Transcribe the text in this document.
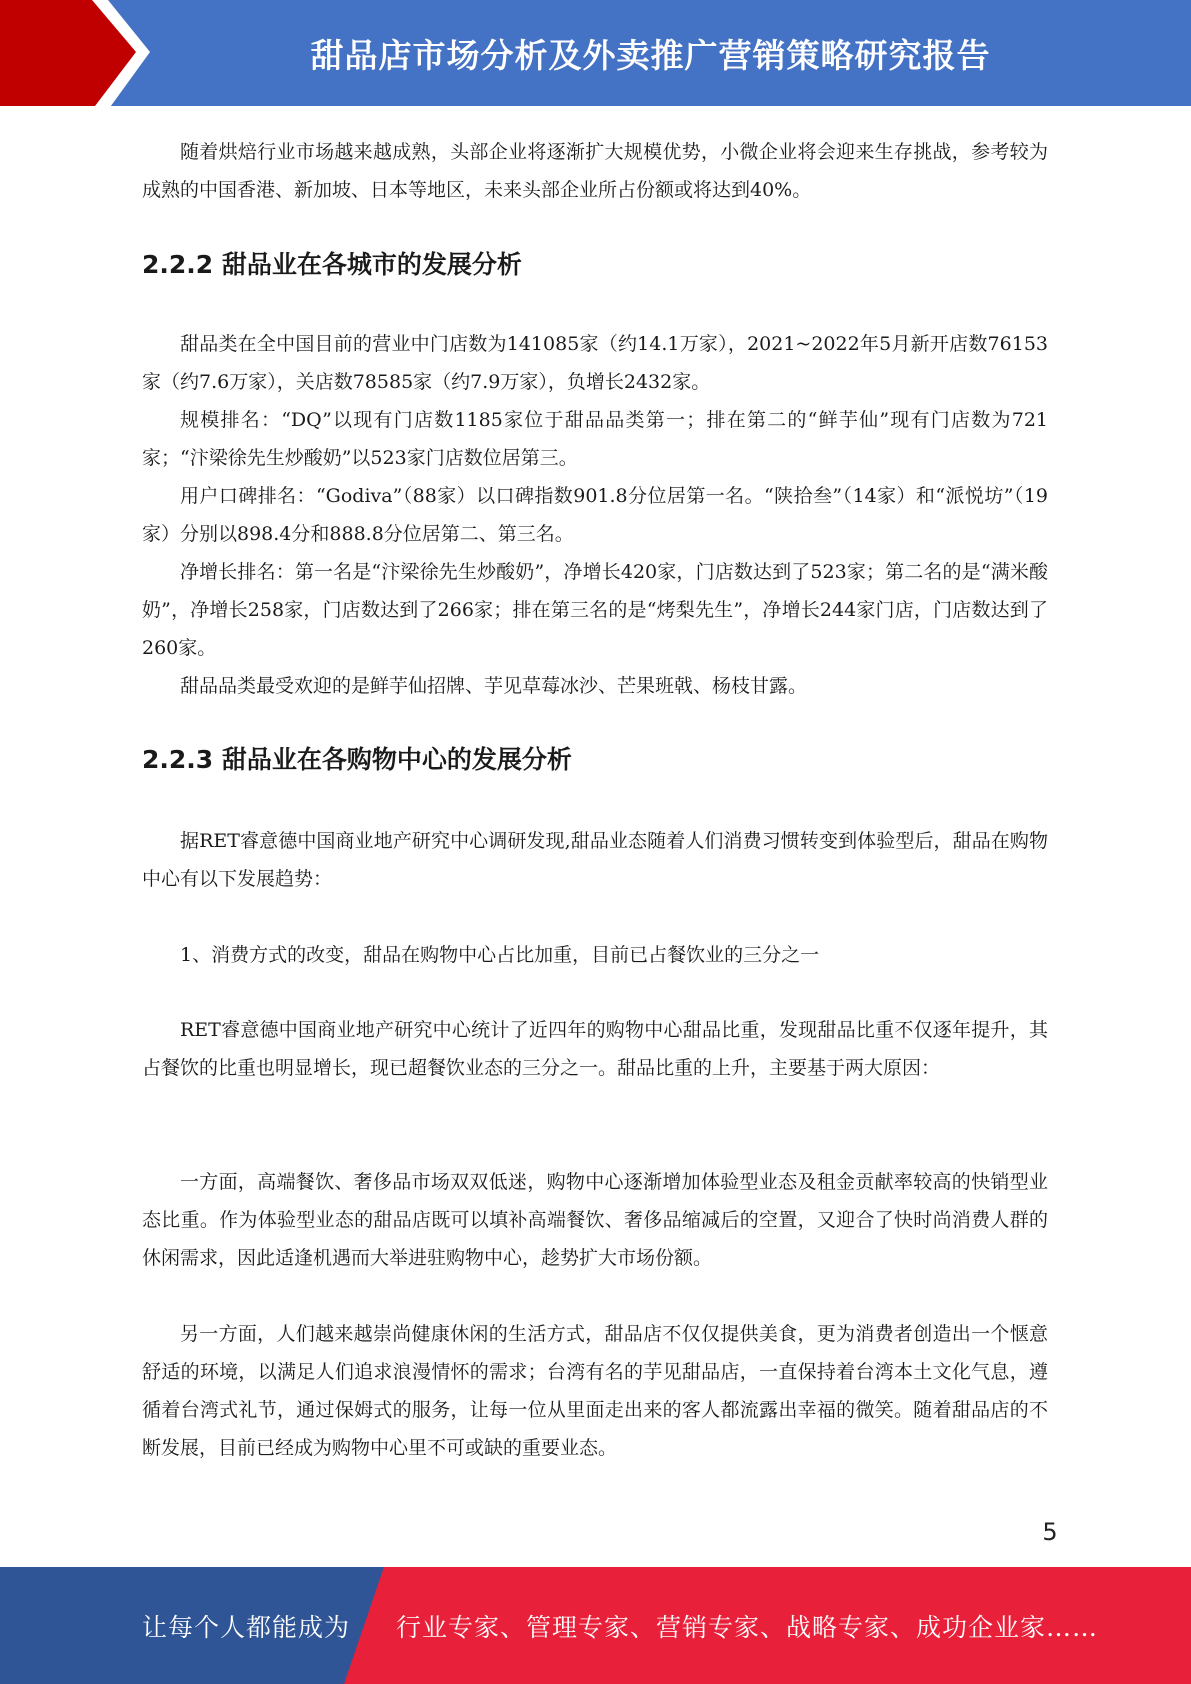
甜品店市场分析及外卖推广营销策略研究报告

随着烘焙行业市场越来越成熟，头部企业将逐渐扩大规模优势，小微企业将会迎来生存挑战，参考较为成熟的中国香港、新加坡、日本等地区，未来头部企业所占份额或将达到40%。

2.2.2 甜品业在各城市的发展分析

甜品类在全中国目前的营业中门店数为141085家（约14.1万家），2021~2022年5月新开店数76153家（约7.6万家），关店数78585家（约7.9万家），负增长2432家。

规模排名：“DQ”以现有门店数1185家位于甜品品类第一；排在第二的“鲜芋仙”现有门店数为721家；“汴梁徐先生炒酸奶”以523家门店数位居第三。

用户口碑排名：“Godiva”（88家）以口碑指数901.8分位居第一名。“陕拾叁”（14家）和“派悦坊”（19家）分别以898.4分和888.8分位居第二、第三名。

净增长排名：第一名是“汴梁徐先生炒酸奶”，净增长420家，门店数达到了523家；第二名的是“满米酸奶”，净增长258家，门店数达到了266家；排在第三名的是“烤梨先生”，净增长244家门店，门店数达到了260家。

甜品品类最受欢迎的是鲜芋仙招牌、芋见草莓冰沙、芒果班戟、杨枝甘露。

2.2.3 甜品业在各购物中心的发展分析

据RET睿意德中国商业地产研究中心调研发现,甜品业态随着人们消费习惯转变到体验型后，甜品在购物中心有以下发展趋势：

1、消费方式的改变，甜品在购物中心占比加重，目前已占餐饮业的三分之一

RET睿意德中国商业地产研究中心统计了近四年的购物中心甜品比重，发现甜品比重不仅逐年提升，其占餐饮的比重也明显增长，现已超餐饮业态的三分之一。甜品比重的上升，主要基于两大原因：

一方面，高端餐饮、奢侈品市场双双低迷，购物中心逐渐增加体验型业态及租金贡献率较高的快销型业态比重。作为体验型业态的甜品店既可以填补高端餐饮、奢侈品缩减后的空置，又迎合了快时尚消费人群的休闲需求，因此适逢机遇而大举进驻购物中心，趁势扩大市场份额。

另一方面，人们越来越崇尚健康休闲的生活方式，甜品店不仅仅提供美食，更为消费者创造出一个惬意舒适的环境，以满足人们追求浪漫情怀的需求；台湾有名的芋见甜品店，一直保持着台湾本土文化气息，遵循着台湾式礼节，通过保姆式的服务，让每一位从里面走出来的客人都流露出幸福的微笑。随着甜品店的不断发展，目前已经成为购物中心里不可或缺的重要业态。

5
让每个人都能成为 行业专家、管理专家、营销专家、战略专家、成功企业家……
